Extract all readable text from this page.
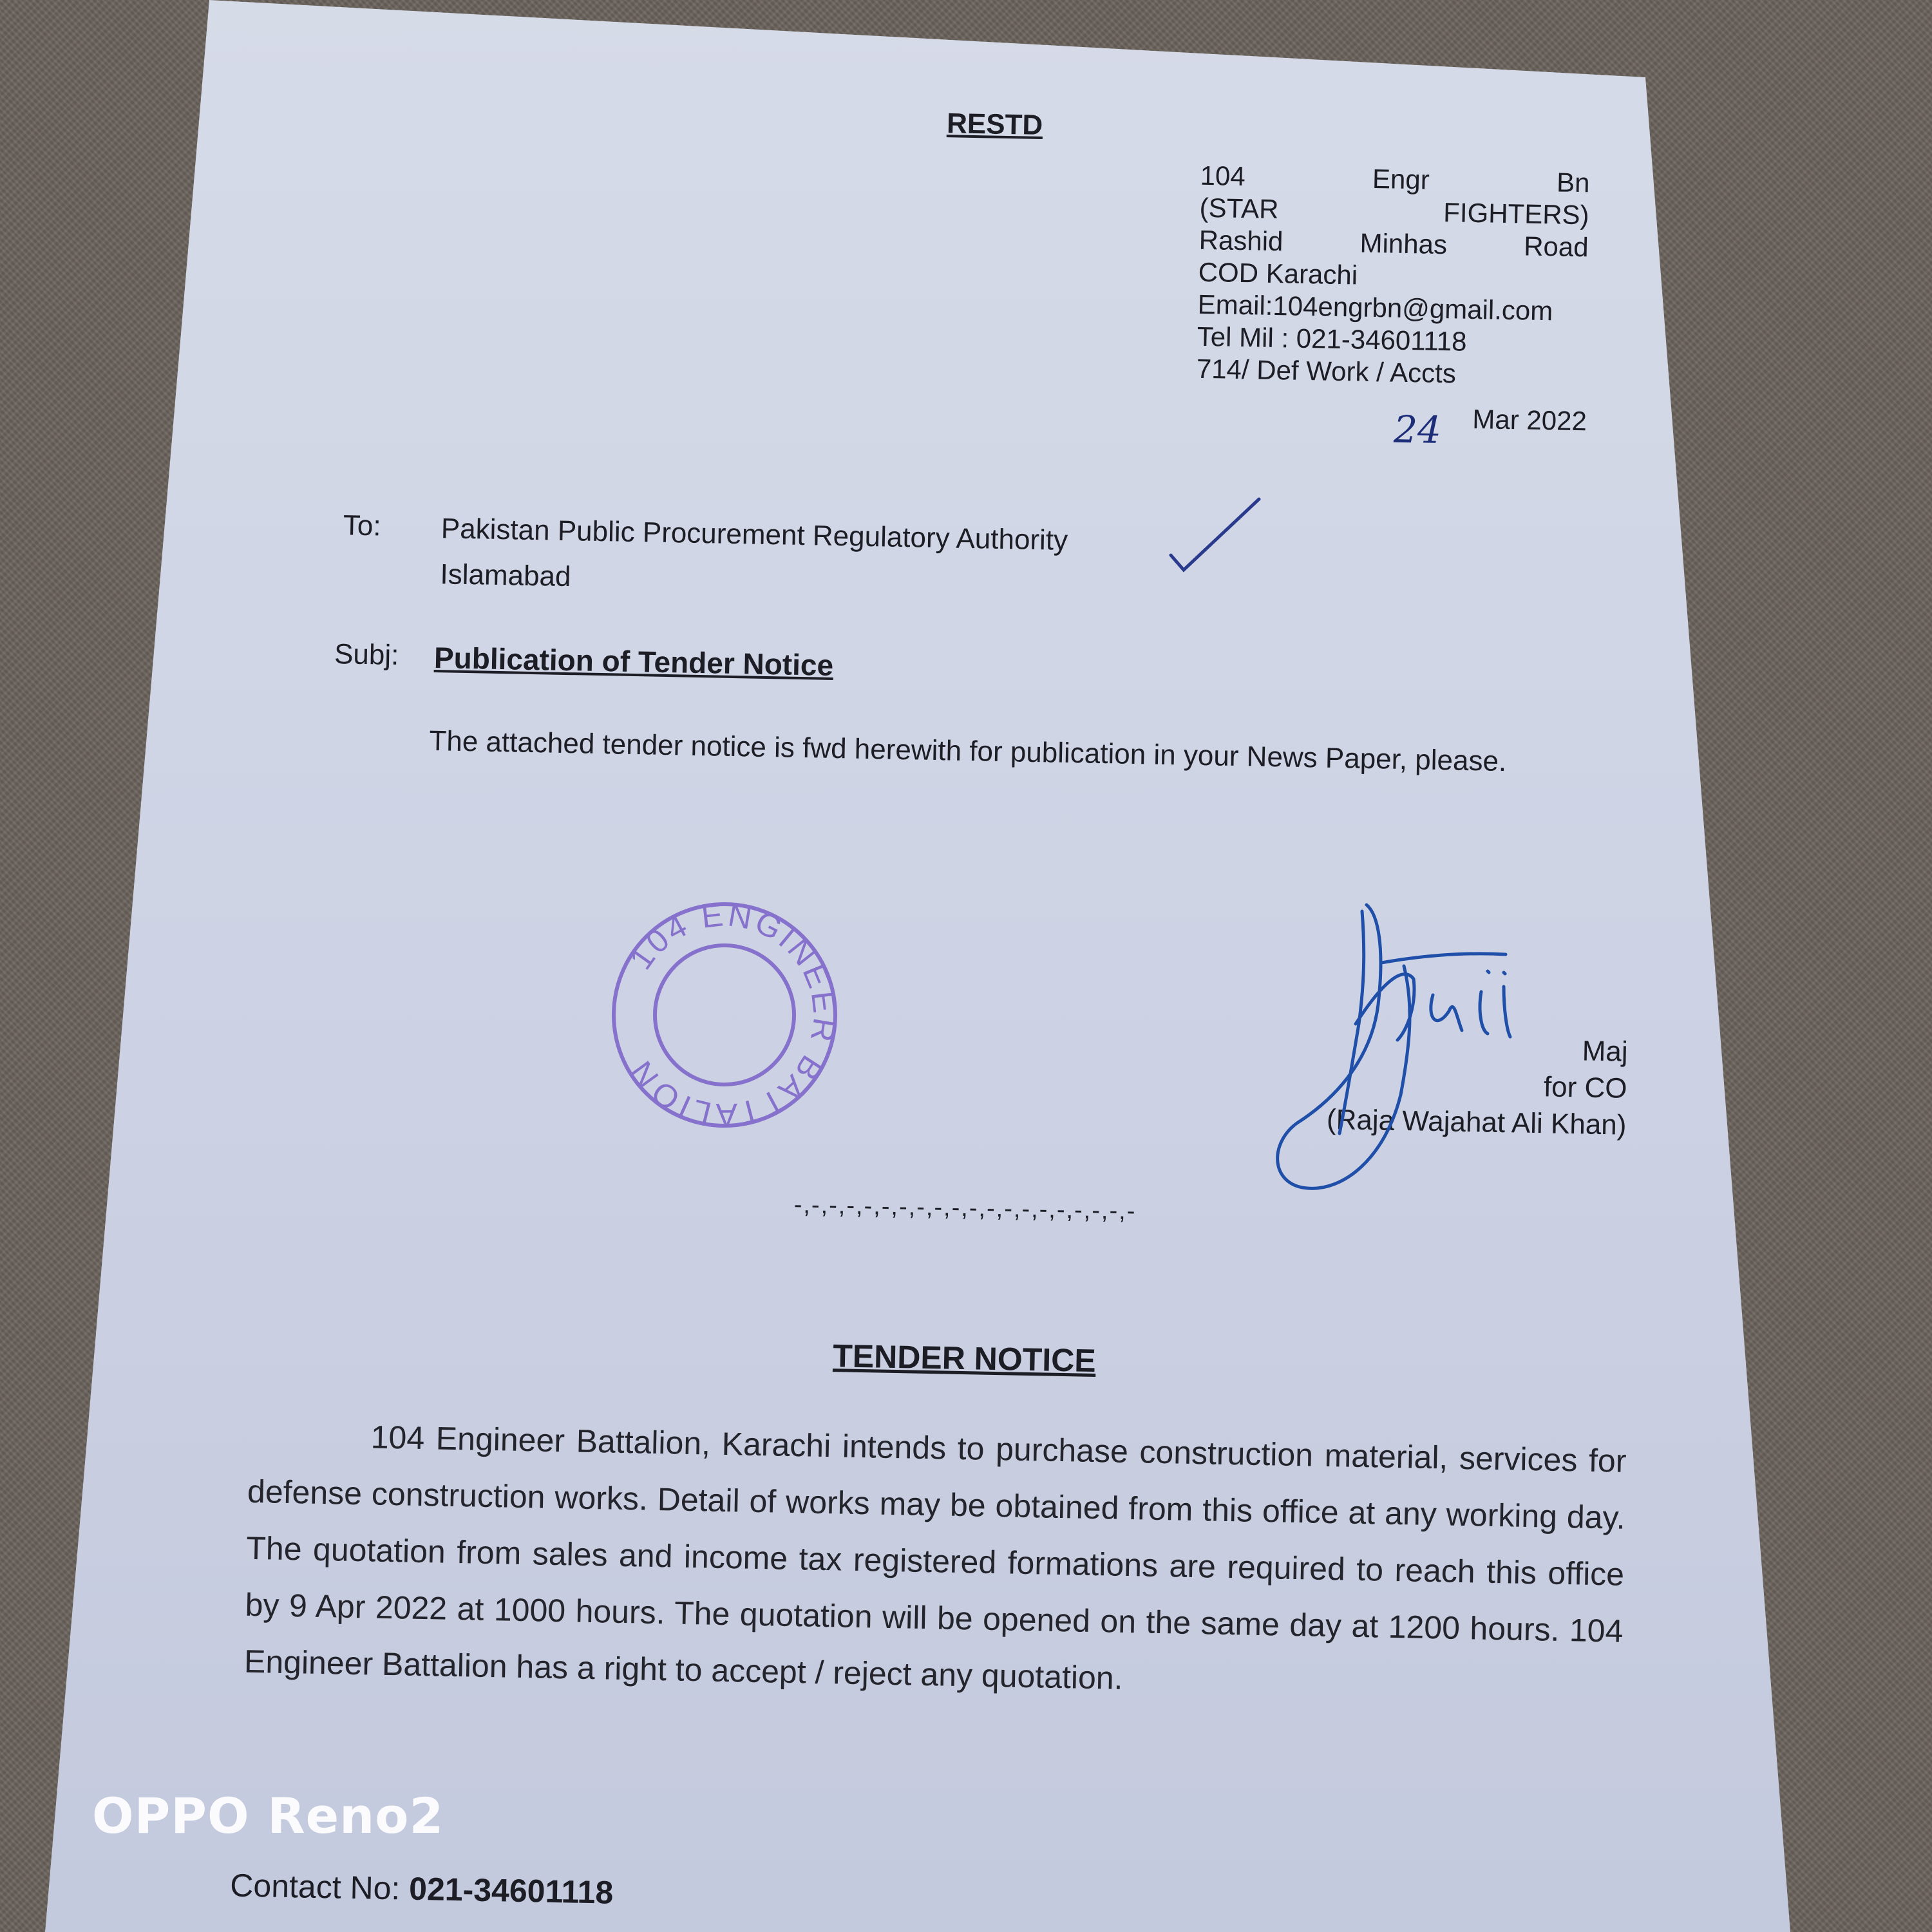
RESTD
104	Engr	Bn
(STAR	FIGHTERS)
Rashid	Minhas	Road
COD Karachi
Email:104engrbn@gmail.com
Tel Mil : 021-34601118
714/ Def Work / Accts
24 Mar 2022
To: Pakistan Public Procurement Regulatory Authority
Islamabad
Subj: Publication of Tender Notice
The attached tender notice is fwd herewith for publication in your News Paper, please.
Maj
for CO
(Raja Wajahat Ali Khan)
-,-,-,-,-,-,-,-,-,-,-,-,-,-,-,-,-,-,-,-
TENDER NOTICE
104 Engineer Battalion, Karachi intends to purchase construction material, services for defense construction works. Detail of works may be obtained from this office at any working day. The quotation from sales and income tax registered formations are required to reach this office by 9 Apr 2022 at 1000 hours. The quotation will be opened on the same day at 1200 hours. 104 Engineer Battalion has a right to accept / reject any quotation.
Contact No: 021-34601118
104 ENGINEER BATTALION
OPPO Reno2
